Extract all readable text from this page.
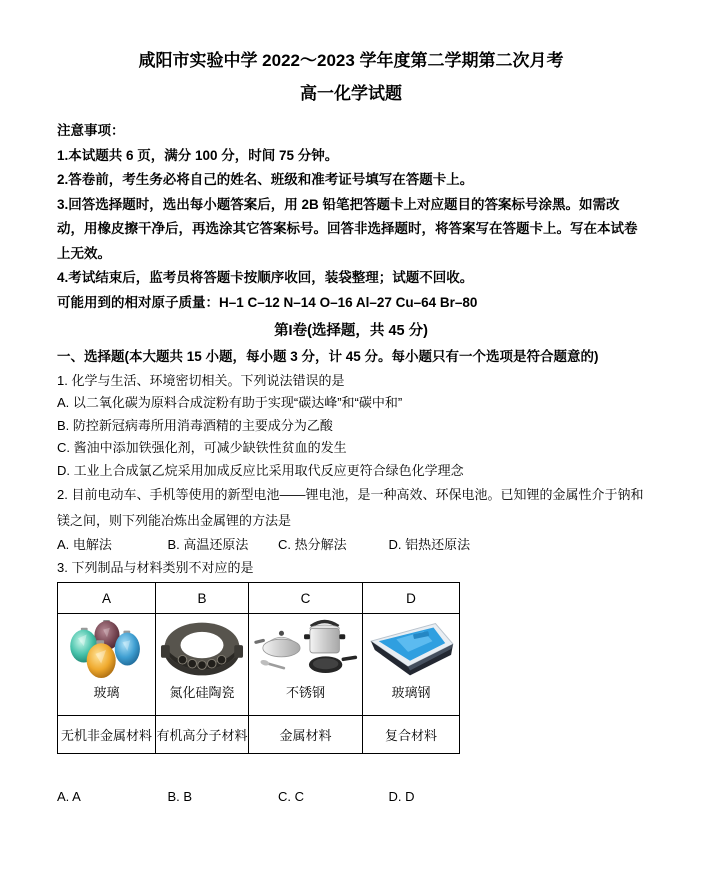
咸阳市实验中学 2022～2023 学年度第二学期第二次月考
高一化学试题

注意事项：

1.本试题共 6 页，满分 100 分，时间 75 分钟。

2.答卷前，考生务必将自己的姓名、班级和准考证号填写在答题卡上。

3.回答选择题时，选出每小题答案后，用 2B 铅笔把答题卡上对应题目的答案标号涂黑。如需改动，用橡皮擦干净后，再选涂其它答案标号。回答非选择题时，将答案写在答题卡上。写在本试卷上无效。

4.考试结束后，监考员将答题卡按顺序收回，装袋整理；试题不回收。

可能用到的相对原子质量：H–1 C–12 N–14 O–16 Al–27 Cu–64 Br–80

第I卷(选择题，共 45 分)

一、选择题(本大题共 15 小题，每小题 3 分，计 45 分。每小题只有一个选项是符合题意的)

1. 化学与生活、环境密切相关。下列说法错误的是

A. 以二氧化碳为原料合成淀粉有助于实现“碳达峰”和“碳中和”

B. 防控新冠病毒所用消毒酒精的主要成分为乙酸

C. 酱油中添加铁强化剂，可减少缺铁性贫血的发生

D. 工业上合成氯乙烷采用加成反应比采用取代反应更符合绿色化学理念

2. 目前电动车、手机等使用的新型电池——锂电池，是一种高效、环保电池。已知锂的金属性介于钠和镁之间，则下列能冶炼出金属锂的方法是

A. 电解法	B. 高温还原法	C. 热分解法	D. 铝热还原法

3. 下列制品与材料类别不对应的是

A	B	C	D

玻璃	氮化硅陶瓷	不锈钢	玻璃钢

无机非金属材料	有机高分子材料	金属材料	复合材料
A. A	B. B	C. C	D. D
